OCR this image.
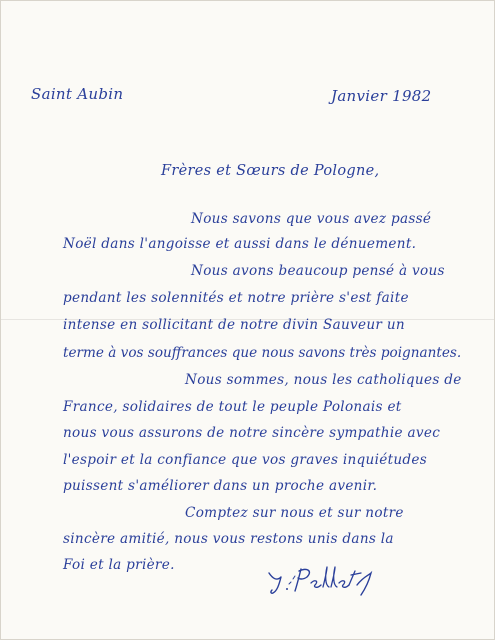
Saint Aubin	Janvier 1982

Frères et Sœurs de Pologne,

Nous savons que vous avez passé

Noël dans l'angoisse et aussi dans le dénuement.

Nous avons beaucoup pensé à vous

pendant les solennités et notre prière s'est faite

intense en sollicitant de notre divin Sauveur un

terme à vos souffrances que nous savons très poignantes.

Nous sommes, nous les catholiques de

France, solidaires de tout le peuple Polonais et

nous vous assurons de notre sincère sympathie avec

l'espoir et la confiance que vos graves inquiétudes

puissent s'améliorer dans un proche avenir.

Comptez sur nous et sur notre

sincère amitié, nous vous restons unis dans la

Foi et la prière.
